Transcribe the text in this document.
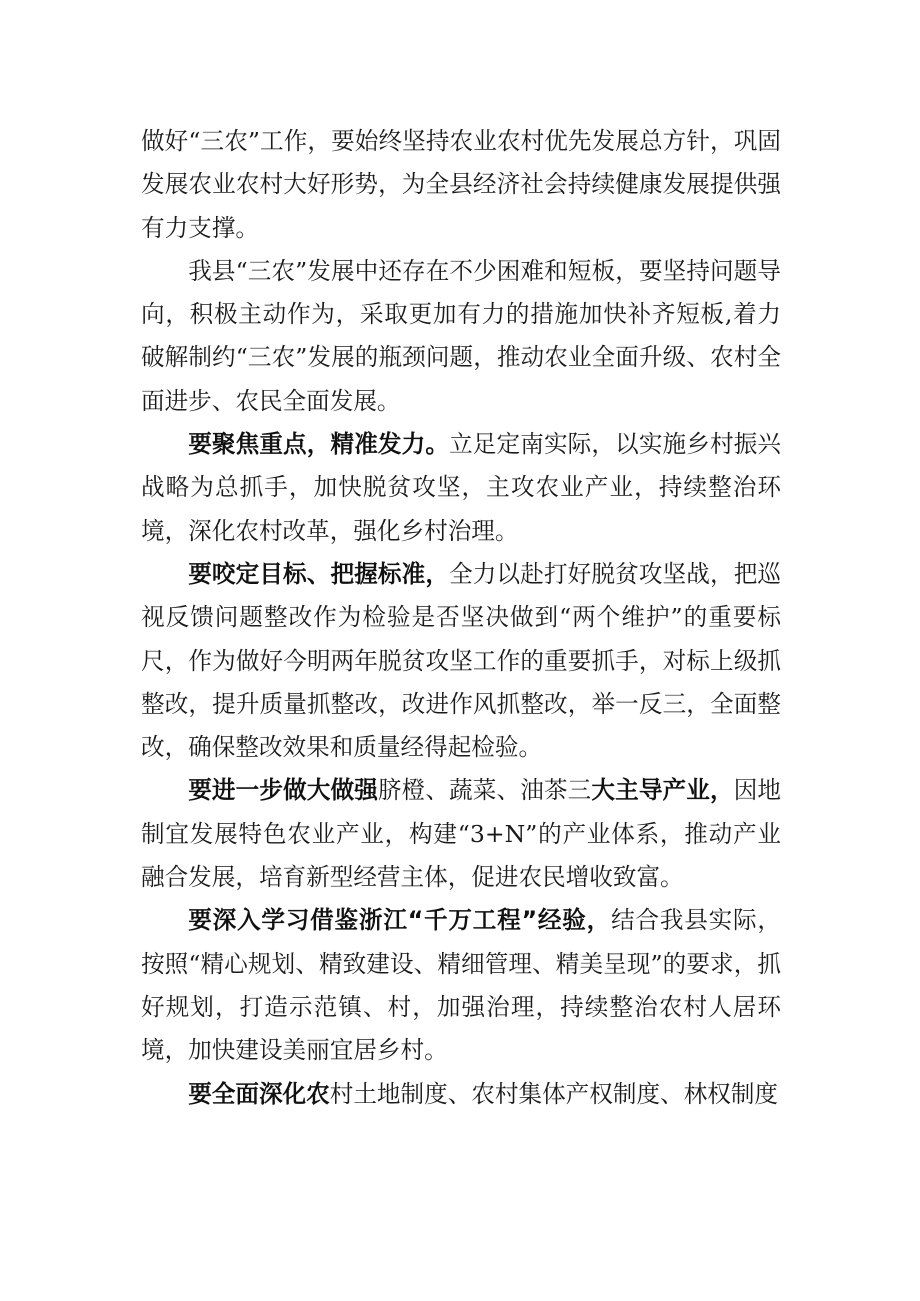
做好“三农”工作，要始终坚持农业农村优先发展总方针，巩固发展农业农村大好形势，为全县经济社会持续健康发展提供强有力支撑。

我县“三农”发展中还存在不少困难和短板，要坚持问题导向，积极主动作为，采取更加有力的措施加快补齐短板,着力破解制约“三农”发展的瓶颈问题，推动农业全面升级、农村全面进步、农民全面发展。

要聚焦重点，精准发力。立足定南实际，以实施乡村振兴战略为总抓手，加快脱贫攻坚，主攻农业产业，持续整治环境，深化农村改革，强化乡村治理。

要咬定目标、把握标准，全力以赴打好脱贫攻坚战，把巡视反馈问题整改作为检验是否坚决做到“两个维护”的重要标尺，作为做好今明两年脱贫攻坚工作的重要抓手，对标上级抓整改，提升质量抓整改，改进作风抓整改，举一反三，全面整改，确保整改效果和质量经得起检验。

要进一步做大做强脐橙、蔬菜、油茶三大主导产业，因地制宜发展特色农业产业，构建“3+N”的产业体系，推动产业融合发展，培育新型经营主体，促进农民增收致富。

要深入学习借鉴浙江“千万工程”经验，结合我县实际，按照“精心规划、精致建设、精细管理、精美呈现”的要求，抓好规划，打造示范镇、村，加强治理，持续整治农村人居环境，加快建设美丽宜居乡村。

要全面深化农村土地制度、农村集体产权制度、林权制度
